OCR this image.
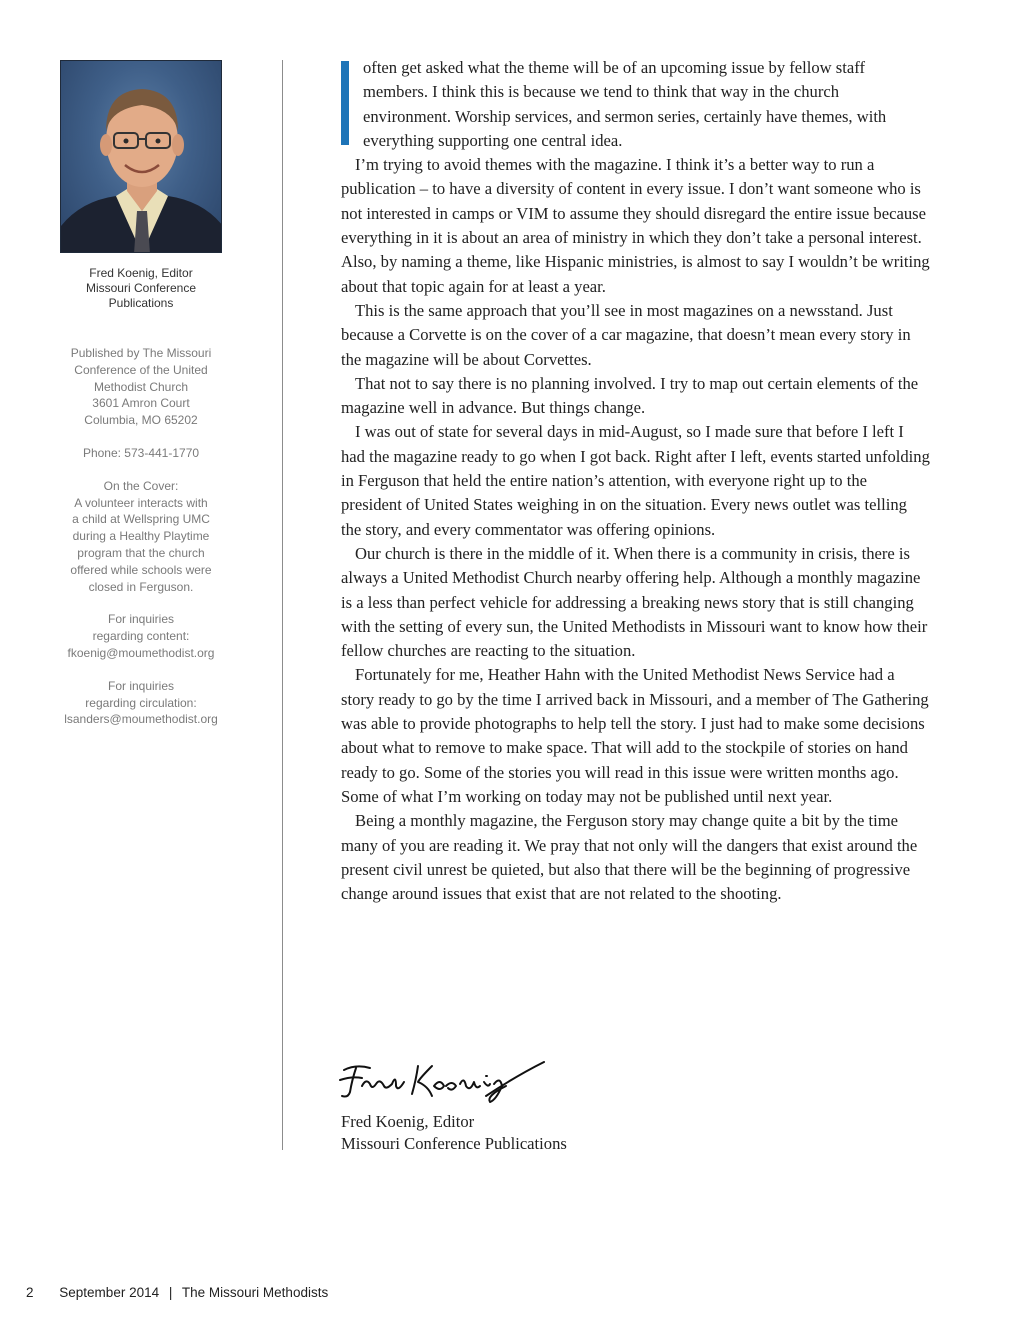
Fred Koenig, Editor
Missouri Conference
Publications

Published by The Missouri
Conference of the United
Methodist Church
3601 Amron Court
Columbia, MO 65202

Phone: 573-441-1770

On the Cover:
A volunteer interacts with
a child at Wellspring UMC
during a Healthy Playtime
program that the church
offered while schools were
closed in Ferguson.

For inquiries
regarding content:
fkoenig@moumethodist.org

For inquiries
regarding circulation:
lsanders@moumethodist.org

often get asked what the theme will be of an upcoming issue by fellow staff members. I think this is because we tend to think that way in the church environment. Worship services, and sermon series, certainly have themes, with everything supporting one central idea.

I’m trying to avoid themes with the magazine. I think it’s a better way to run a publication – to have a diversity of content in every issue. I don’t want someone who is not interested in camps or VIM to assume they should disregard the entire issue because everything in it is about an area of ministry in which they don’t take a personal interest. Also, by naming a theme, like Hispanic ministries, is almost to say I wouldn’t be writing about that topic again for at least a year.

This is the same approach that you’ll see in most magazines on a newsstand. Just because a Corvette is on the cover of a car magazine, that doesn’t mean every story in the magazine will be about Corvettes.

That not to say there is no planning involved. I try to map out certain elements of the magazine well in advance. But things change.

I was out of state for several days in mid-August, so I made sure that before I left I had the magazine ready to go when I got back. Right after I left, events started unfolding in Ferguson that held the entire nation’s attention, with everyone right up to the president of United States weighing in on the situation. Every news outlet was telling the story, and every commentator was offering opinions.

Our church is there in the middle of it. When there is a community in crisis, there is always a United Methodist Church nearby offering help. Although a monthly magazine is a less than perfect vehicle for addressing a breaking news story that is still changing with the setting of every sun, the United Methodists in Missouri want to know how their fellow churches are reacting to the situation.

Fortunately for me, Heather Hahn with the United Methodist News Service had a story ready to go by the time I arrived back in Missouri, and a member of The Gathering was able to provide photographs to help tell the story. I just had to make some decisions about what to remove to make space. That will add to the stockpile of stories on hand ready to go. Some of the stories you will read in this issue were written months ago. Some of what I’m working on today may not be published until next year.

Being a monthly magazine, the Ferguson story may change quite a bit by the time many of you are reading it. We pray that not only will the dangers that exist around the present civil unrest be quieted, but also that there will be the beginning of progressive change around issues that exist that are not related to the shooting.

Fred Koenig, Editor
Missouri Conference Publications
2 September 2014 | The Missouri Methodists
